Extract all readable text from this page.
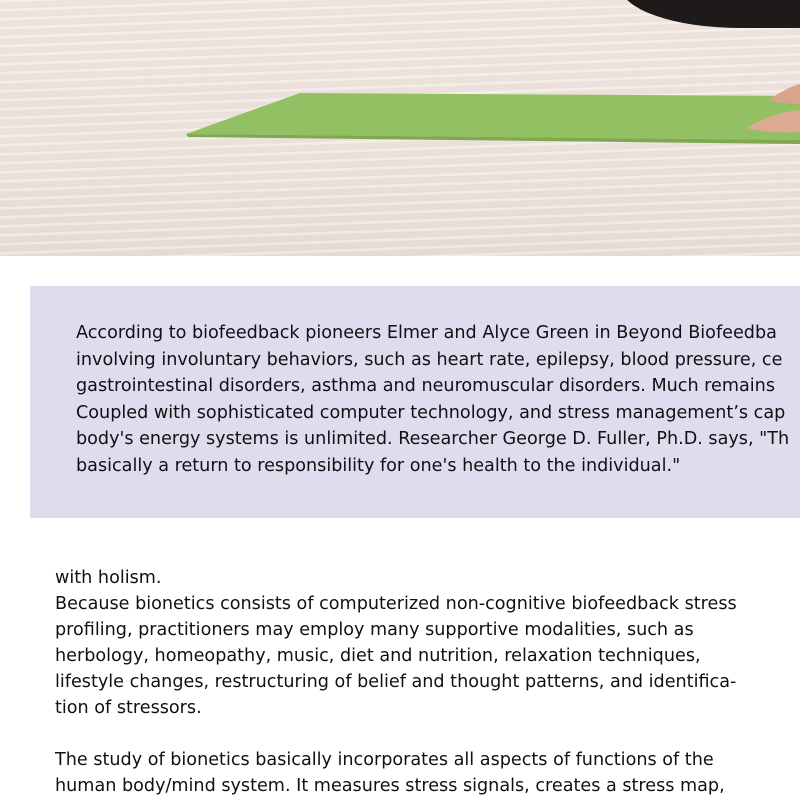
According to biofeedback pioneers Elmer and Alyce Green in Beyond Biofeedba
involving involuntary behaviors, such as heart rate, epilepsy, blood pressure, ce
gastrointestinal disorders, asthma and neuromuscular disorders. Much remains
Coupled with sophisticated computer technology, and stress management’s cap
body's energy systems is unlimited. Researcher George D. Fuller, Ph.D. says, "Th
basically a return to responsibility for one's health to the individual."
with holism.
Because bionetics consists of computerized non-cognitive biofeedback stress
profiling, practitioners may employ many supportive modalities, such as
herbology, homeopathy, music, diet and nutrition, relaxation techniques,
lifestyle changes, restructuring of belief and thought patterns, and identifica-
tion of stressors.
The study of bionetics basically incorporates all aspects of functions of the
human body/mind system. It measures stress signals, creates a stress map,
